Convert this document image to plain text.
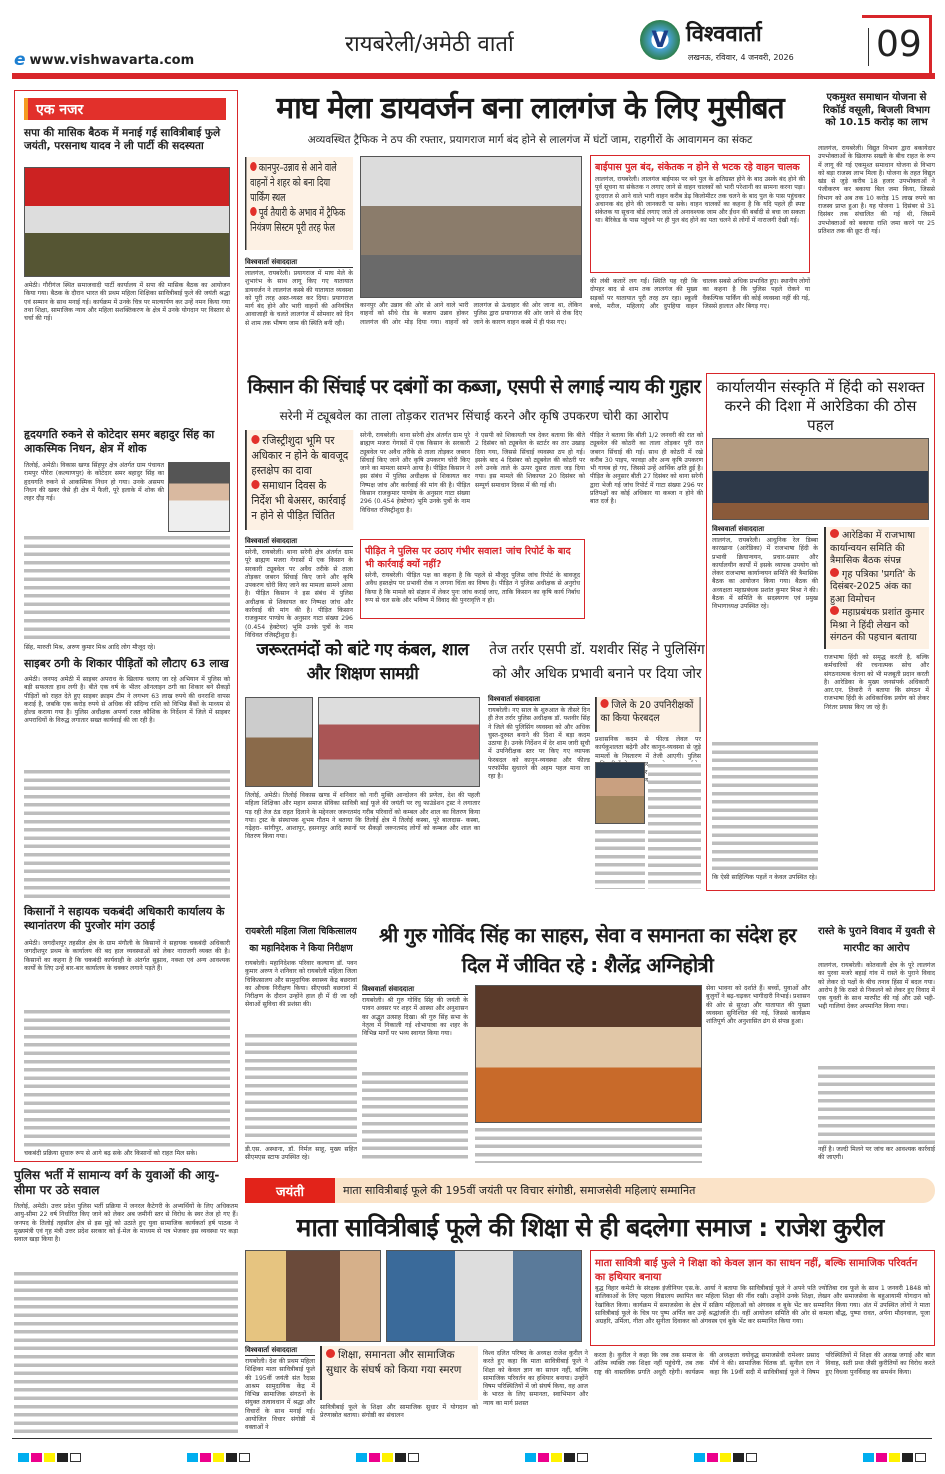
e www.vishwavarta.com
रायबरेली/अमेठी वार्ता	V विश्ववार्ता
लखनऊ, रविवार, 4 जनवरी, 2026 09
एक नजर
सपा की मासिक बैठक में मनाई गई सावित्रीबाई फुले जयंती, परसनाथ यादव ने ली पार्टी की सदस्यता
अमेठी। गौरीगंज स्थित समाजवादी पार्टी कार्यालय में सपा की मासिक बैठक का आयोजन किया गया। बैठक के दौरान भारत की प्रथम महिला शिक्षिका सावित्रीबाई फुले की जयंती श्रद्धा एवं सम्मान के साथ मनाई गई। कार्यक्रम में उनके चित्र पर माल्यार्पण कर उन्हें नमन किया गया तथा शिक्षा, सामाजिक न्याय और महिला सशक्तिकरण के क्षेत्र में उनके योगदान पर विस्तार से चर्चा की गई।
हृदयगति रुकने से कोटेदार समर बहादुर सिंह का आकस्मिक निधन, क्षेत्र में शोक
तिलोई, अमेठी। विकास खण्ड सिंहपुर क्षेत्र अंतर्गत ग्राम पंचायत रामपुर पौरेरा (कल्याणपुर) के कोटेदार समर बहादुर सिंह का हृदयगति रुकने से आकस्मिक निधन हो गया। उनके असमय निधन की खबर जैसे ही क्षेत्र में फैली, पूरे इलाके में शोक की लहर दौड़ गई।
सिंह, मारुती मिश्र, अरुण कुमार मिश्र आदि लोग मौजूद रहे।
साइबर ठगी के शिकार पीड़ितों को लौटाए 63 लाख
अमेठी। जनपद अमेठी में साइबर अपराध के खिलाफ चलाए जा रहे अभियान में पुलिस को बड़ी सफलता हाथ लगी है। बीते एक वर्ष के भीतर ऑनलाइन ठगी का शिकार बने सैकड़ों पीड़ितों को राहत देते हुए साइबर क्राइम टीम ने लगभग 63 लाख रुपये की धनराशि वापस कराई है, जबकि एक करोड़ रुपये से अधिक की संदिग्ध राशि को विभिन्न बैंकों के माध्यम से होल्ड कराया गया है। पुलिस अधीक्षक अपर्णा रजत कौशिक के निर्देशन में जिले में साइबर अपराधियों के विरुद्ध लगातार सख्त कार्यवाई की जा रही है।
किसानों ने सहायक चकबंदी अधिकारी कार्यालय के स्थानांतरण की पुरजोर मांग उठाई
अमेठी। जगदीशपुर तहसील क्षेत्र के ग्राम मंगौली के किसानों ने सहायक चकबंदी अधिकारी जगदीशपुर प्रथम के कार्यालय की बद हाल व्यवस्थाओं को लेकर नाराजगी व्यक्त की है। किसानों का कहना है कि चकबंदी कार्यवाही के अंतर्गत सुझाव, नक्शा एवं अन्य आवश्यक कार्यों के लिए उन्हें बार-बार कार्यालय के चक्कर लगाने पड़ते हैं।
चकबंदी प्रक्रिया सुचारु रूप से आगे बढ़ सके और किसानों को राहत मिल सके।
पुलिस भर्ती में सामान्य वर्ग के युवाओं की आयु-सीमा पर उठे सवाल
तिलोई, अमेठी। उत्तर प्रदेश पुलिस भर्ती प्रक्रिया में जनरल कैटेगरी के अभ्यर्थियों के लिए अधिकतम आयु-सीमा 22 वर्ष निर्धारित किए जाने को लेकर अब जमीनी स्तर से विरोध के स्वर तेज हो गए हैं। जनपद के तिलोई तहसील क्षेत्र से इस मुद्दे को उठाते हुए युवा सामाजिक कार्यकर्ता हर्ष पाठक ने मुख्यमंत्री एवं गृह मंत्री उत्तर प्रदेश सरकार को ई-मेल के माध्यम से पत्र भेजकर इस व्यवस्था पर कड़ा सवाल खड़ा किया है।
माघ मेला डायवर्जन बना लालगंज के लिए मुसीबत
अव्यवस्थित ट्रैफिक ने ठप की रफ्तार, प्रयागराज मार्ग बंद होने से लालगंज में घंटों जाम, राहगीरों के आवागमन का संकट
कानपुर–उन्नाव से आने वाले वाहनों ने शहर को बना दिया पार्किंग स्थल
पूर्व तैयारी के अभाव में ट्रैफिक नियंत्रण सिस्टम पूरी तरह फेल
विश्ववार्ता संवाददाता
लालगंज, रायबरेली। प्रयागराज में माघ मेले के शुभारंभ के साथ लागू किए गए यातायात डायवर्जन ने लालगंज कस्बे की यातायात व्यवस्था को पूरी तरह अस्त-व्यस्त कर दिया। प्रयागराज मार्ग बंद होने और भारी वाहनों की अनियंत्रित आवाजाही के चलते लालगंज में सोमवार को दिन से शाम तक भीषण जाम की स्थिति बनी रही।
कानपुर और उन्नाव की ओर से आने वाले भारी वाहनों को सीधे रोड के बजाय उन्नाव होकर लालगंज की ओर मोड़ दिया गया। वाहनों को लालगंज से ऊंचाहार की ओर जाना था, लेकिन पुलिस द्वारा प्रयागराज की ओर जाने से रोक दिए जाने के कारण वाहन कस्बे में ही फंस गए।
बाईपास पुल बंद, संकेतक न होने से भटक रहे वाहन चालक
लालगंज, रायबरेली। लालगंज बाईपास पर बने पुल के क्षतिग्रस्त होने के बाद उसके बंद होने की पूर्व सूचना या संकेतक न लगाए जाने से वाहन चालकों को भारी परेशानी का सामना करना पड़ा। दूरदराज से आने वाले भारी वाहन करीब डेढ़ किलोमीटर तक चलने के बाद पुल के पास पहुंचकर अचानक बंद होने की जानकारी पा सके। वाहन चालकों का कहना है कि यदि पहले ही स्पष्ट संकेतक या सूचना बोर्ड लगाए जाते तो अनावश्यक जाम और ईंधन की बर्बादी से बचा जा सकता था। बैरिकेड के पास पहुंचने पर ही पुल बंद होने का पता चलने से लोगों में नाराजगी देखी गई।
की लंबी कतारें लग गईं। स्थिति यह रही कि दोपहर बाद से शाम तक लालगंज की मुख्य सड़कों पर यातायात पूरी तरह ठप रहा। स्कूली बच्चे, मरीज, महिलाएं और दुपहिया वाहन चालक सबसे अधिक प्रभावित हुए। स्थानीय लोगों का कहना है कि पुलिस पहले रोकने या वैकल्पिक पार्किंग की कोई व्यवस्था नहीं की गई, जिससे हालात और बिगड़ गए।
एकमुश्त समाधान योजना से रिकॉर्ड वसूली, बिजली विभाग को 10.15 करोड़ का लाभ
लालगंज, रायबरेली। विद्युत विभाग द्वारा बकायेदार उपभोक्ताओं के खिलाफ सख्ती के बीच राहत के रूप में लागू की गई एकमुश्त समाधान योजना से विभाग को बड़ा राजस्व लाभ मिला है। योजना के तहत विद्युत खंड से जुड़े करीब 18 हजार उपभोक्ताओं ने पंजीकरण कर बकाया बिल जमा किया, जिससे विभाग को अब तक 10 करोड़ 15 लाख रुपये का राजस्व प्राप्त हुआ है। यह योजना 1 दिसंबर से 31 दिसंबर तक संचालित की गई थी, जिसमें उपभोक्ताओं को बकाया राशि जमा करने पर 25 प्रतिशत तक की छूट दी गई।
किसान की सिंचाई पर दबंगों का कब्जा, एसपी से लगाई न्याय की गुहार
सरेनी में ट्यूबवेल का ताला तोड़कर रातभर सिंचाई करने और कृषि उपकरण चोरी का आरोप
रजिस्ट्रीशुदा भूमि पर अधिकार न होने के बावजूद हस्तक्षेप का दावा
समाधान दिवस के निर्देश भी बेअसर, कार्रवाई न होने से पीड़ित चिंतित
विश्ववार्ता संवाददाता
सरेनी, रायबरेली। थाना सरेनी क्षेत्र अंतर्गत ग्राम पूरे ब्राह्मण मजरा गेगासों में एक किसान के सरकारी ट्यूबवेल पर अवैध तरीके से ताला तोड़कर जबरन सिंचाई किए जाने और कृषि उपकरण चोरी किए जाने का मामला सामने आया है। पीड़ित किसान ने इस संबंध में पुलिस अधीक्षक से शिकायत कर निष्पक्ष जांच और कार्रवाई की मांग की है। पीड़ित किसान राजकुमार पाण्डेय के अनुसार गाटा संख्या 296 (0.454 हेक्टेयर) भूमि उनके पुत्रों के नाम विधिवत रजिस्ट्रीशुदा है।
सरेनी, रायबरेली। थाना सरेनी क्षेत्र अंतर्गत ग्राम पूरे ब्राह्मण मजरा गेगासों में एक किसान के सरकारी ट्यूबवेल पर अवैध तरीके से ताला तोड़कर जबरन सिंचाई किए जाने और कृषि उपकरण चोरी किए जाने का मामला सामने आया है। पीड़ित किसान ने इस संबंध में पुलिस अधीक्षक से शिकायत कर निष्पक्ष जांच और कार्रवाई की मांग की है। पीड़ित किसान राजकुमार पाण्डेय के अनुसार गाटा संख्या 296 (0.454 हेक्टेयर) भूमि उनके पुत्रों के नाम विधिवत रजिस्ट्रीशुदा है।
ने एसपी को शिकायती पत्र देकर बताया कि बीते 2 दिसंबर को ट्यूबवेल के स्टार्टर का तार उखाड़ दिया गया, जिससे सिंचाई व्यवस्था ठप हो गई। इसके बाद 4 दिसंबर को ट्यूबवेल की कोठरी पर लगे उनके ताले के ऊपर दूसरा ताला जड़ दिया गया। इस मामले की शिकायत 20 दिसंबर को सम्पूर्ण समाधान दिवस में की गई थी।
पीड़ित ने बताया कि बीती 1/2 जनवरी की रात को ट्यूबवेल की कोठरी का ताला तोड़कर पूरी रात जबरन सिंचाई की गई। साथ ही कोठरी में रखे करीब 30 पाइप, फावड़ा और अन्य कृषि उपकरण भी गायब हो गए, जिससे उन्हें आर्थिक क्षति हुई है। पीड़ित के अनुसार बीती 27 दिसंबर को थाना सरेनी द्वारा भेजी गई जांच रिपोर्ट में गाटा संख्या 296 पर प्रतिपक्षों का कोई अधिकार या कब्जा न होने की बात दर्ज है।
पीड़ित ने पुलिस पर उठाए गंभीर सवाल! जांच रिपोर्ट के बाद भी कार्रवाई क्यों नहीं?
सरेनी, रायबरेली। पीड़ित पक्ष का कहना है कि पहले से मौजूद पुलिस जांच रिपोर्ट के बावजूद अवैध हस्तक्षेप पर प्रभावी रोक न लगना चिंता का विषय है। पीड़ित ने पुलिस अधीक्षक से अनुरोध किया है कि मामले को संज्ञान में लेकर पुनः जांच कराई जाए, ताकि किसान का कृषि कार्य निर्बाध रूप से चल सके और भविष्य में विवाद की पुनरावृत्ति न हो।
कार्यालयीन संस्कृति में हिंदी को सशक्त करने की दिशा में आरेडिका की ठोस पहल
विश्ववार्ता संवाददाता
लालगंज, रायबरेली। आधुनिक रेल डिब्बा कारखाना (आरेडिका) में राजभाषा हिंदी के प्रभावी क्रियान्वयन, प्रचार-प्रसार और कार्यालयीन कार्यों में इसके व्यापक उपयोग को लेकर राजभाषा कार्यान्वयन समिति की त्रैमासिक बैठक का आयोजन किया गया। बैठक की अध्यक्षता महाप्रबंधक प्रशांत कुमार मिश्रा ने की। बैठक में समिति के सदस्यगण एवं प्रमुख विभागाध्यक्ष उपस्थित रहे।
आरेडिका में राजभाषा कार्यान्वयन समिति की त्रैमासिक बैठक संपन्न
गृह पत्रिका 'प्रगति' के दिसंबर-2025 अंक का हुआ विमोचन
महाप्रबंधक प्रशांत कुमार मिश्रा ने हिंदी लेखन को संगठन की पहचान बताया
राजभाषा हिंदी को समृद्ध करती है, बल्कि कर्मचारियों की रचनात्मक सोच और संगठनात्मक चेतना को भी मजबूती प्रदान करती है। आरेडिका के मुख्य जनसंपर्क अधिकारी आर.एन. तिवारी ने बताया कि संगठन में राजभाषा हिंदी के अधिकाधिक प्रयोग को लेकर निरंतर प्रयास किए जा रहे हैं।
कि ऐसी साहित्यिक पहलें न केवल उपस्थित रहे।
जरूरतमंदों को बांटे गए कंबल, शाल और शिक्षण सामग्री
तिलोई, अमेठी। तिलोई विकास खण्ड में शनिवार को नारी मुक्ति आन्दोलन की प्रणेता, देश की पहली महिला शिक्षिका और महान समाज सेविका सावित्री बाई फूले की जयंती पर रघु फाउंडेशन ट्रस्ट ने लगातार पड़ रही तेज ठंड राहत दिलाने के मद्देनजर जरूरतमंद गरीब परिवारों को कम्बल और शाल का वितरण किया गया। ट्रस्ट के संस्थापक शुभम गौतम ने बताया कि तिलोई क्षेत्र में तिलोई कस्बा, पूरे बालदास- कस्बा, गढ़ेहरा- सांगीपुर, आशापुर, हसनापुर आदि स्थानों पर सैकड़ों जरूरतमंद लोगों को कम्बल और शाल का वितरण किया गया।
तेज तर्रार एसपी डॉ. यशवीर सिंह ने पुलिसिंग को और अधिक प्रभावी बनाने पर दिया जोर
विश्ववार्ता संवाददाता
रायबरेली। नए साल के शुरुआत के तीसरे दिन ही तेज तर्रार पुलिस अधीक्षक डॉ. यशवीर सिंह ने जिले की पुलिसिंग व्यवस्था को और अधिक चुस्त-दुरुस्त बनाने की दिशा में बड़ा कदम उठाया है। उनके निर्देशन में देर शाम जारी सूची में उपनिरीक्षक स्तर पर किए गए व्यापक फेरबदल को कानून-व्यवस्था और फील्ड परफॉर्मेंस सुधारने की अहम पहल माना जा रहा है।
जिले के 20 उपनिरीक्षकों का किया फेरबदल
प्रशासनिक कदम से फील्ड लेवल पर कार्यकुशलता बढ़ेगी और कानून-व्यवस्था से जुड़े मामलों के निस्तारण में तेजी आएगी। पुलिस
रायबरेली महिला जिला चिकित्सालय का महानिदेशक ने किया निरीक्षण
रायबरेली। महानिदेशक परिवार कल्याण डॉ. पवन कुमार अरुण ने शनिवार को रायबरेली महिला जिला चिकित्सालय और सामुदायिक स्वास्थ्य केंद्र बछरावां का औचक निरीक्षण किया। सीएचसी बछरावां में निरीक्षण के दौरान उन्होंने हाल ही में दी जा रही सेवाओं सुविधा की प्रशंसा की।
डी.एस. अस्थाना, डॉ. निर्मल साहू, मुख्य सहित सीएमएस स्टाफ उपस्थित रहे।
श्री गुरु गोविंद सिंह का साहस, सेवा व समानता का संदेश हर दिल में जीवित रहे : शैलेंद्र अग्निहोत्री
विश्ववार्ता संवाददाता
रायबरेली। श्री गुरु गोविंद सिंह की जयंती के पावन अवसर पर शहर में आस्था और अनुशासन का अद्भुत उत्साह दिखा। श्री गुरु सिंह सभा के नेतृत्व में निकाली गई शोभायात्रा का शहर के विभिन्न मार्गों पर भव्य स्वागत किया गया।
सेवा भावना को दर्शाते हैं। बच्चों, युवाओं और बुजुर्गों ने बढ़-चढ़कर भागीदारी निभाई। प्रशासन की ओर से सुरक्षा और यातायात की पुख्ता व्यवस्था सुनिश्चित की गई, जिससे कार्यक्रम शांतिपूर्ण और अनुशासित ढंग से संपन्न हुआ।
रास्ते के पुराने विवाद में युवती से मारपीट का आरोप
लालगंज, रायबरेली। कोतवाली क्षेत्र के पूरे लालगंज का पुरवा मजरे बहाई गांव में रास्ते के पुराने विवाद को लेकर दो पक्षों के बीच तनाव हिंसा में बदल गया। आरोप है कि रास्ते से निकलने को लेकर हुए विवाद में एक युवती के साथ मारपीट की गई और उसे भद्दी-भद्दी गालियां देकर अपमानित किया गया।
नहीं है। जल्दी मिलने पर जांच कर आवश्यक कार्रवाई की जाएगी।
जयंती	माता सावित्रीबाई फूले की 195वीं जयंती पर विचार संगोष्ठी, समाजसेवी महिलाएं सम्मानित
माता सावित्रीबाई फूले की शिक्षा से ही बदलेगा समाज : राजेश कुरील
माता सावित्री बाई फुले ने शिक्षा को केवल ज्ञान का साधन नहीं, बल्कि सामाजिक परिवर्तन का हथियार बनाया
बुद्ध विहार कमेटी के संरक्षक इंजीनियर एस.के. आर्या ने बताया कि सावित्रीबाई फूले ने अपने पति ज्योतिबा राव फूले के साथ 1 जनवरी 1848 को बालिकाओं के लिए पहला विद्यालय स्थापित कर महिला शिक्षा की नींव रखी। उन्होंने उनके शिक्षा, लेखन और समाजसेवा के बहुआयामी योगदान को रेखांकित किया। कार्यक्रम में समाजसेवा के क्षेत्र में सक्रिय महिलाओं को अंगवस्त्र व बुके भेंट कर सम्मानित किया गया। अंत में उपस्थित लोगों ने माता सावित्रीबाई फूले के चित्र पर पुष्प अर्पित कर उन्हें श्रद्धांजलि दी। वहीं आयोजन समिति की ओर से कमला बौद्ध, पुष्पा रावत, अर्पना मौदनवाल, पूजा अग्रहरि, उर्मिला, गीता और सुनीता दिवाकर को अंगवस्त्र एवं बुके भेंट कर सम्मानित किया गया।
विश्ववार्ता संवाददाता
रायबरेली। देश की प्रथम महिला शिक्षिका माता सावित्रीबाई फूले की 195वीं जयंती संत रैदास आश्रम सामुदायिक केंद्र में विभिन्न सामाजिक संगठनों के संयुक्त तत्वावधान में श्रद्धा और विचारों के साथ मनाई गई। आयोजित विचार संगोष्ठी में वक्ताओं ने
शिक्षा, समानता और सामाजिक सुधार के संघर्ष को किया गया स्मरण
सावित्रीबाई फूले के शिक्षा और सामाजिक सुधार में योगदान को प्रेरणास्रोत बताया। संगोष्ठी का संचालन
विश्व दलित परिषद के अध्यक्ष राजेश कुरील ने करते हुए कहा कि माता सावित्रीबाई फूले ने शिक्षा को केवल ज्ञान का साधन नहीं, बल्कि सामाजिक परिवर्तन का हथियार बनाया। उन्होंने विषम परिस्थितियों में जो संघर्ष किया, वह आज के भारत के लिए समानता, स्वाभिमान और न्याय का मार्ग प्रशस्त
करता है। कुरील ने कहा कि जब तक समाज के अंतिम व्यक्ति तक शिक्षा नहीं पहुंचेगी, तब तक राष्ट्र की वास्तविक प्रगति अधूरी रहेगी। कार्यक्रम की अध्यक्षता वयोवृद्ध समाजसेवी रामेश्वर प्रसाद मौर्य ने की। सामाजिक चिंतक डॉ. सुनील दत्त ने कहा कि 19वीं सदी में सावित्रीबाई फूले ने विषम परिस्थितियों में शिक्षा की अलख जगाई और बाल विवाह, सती प्रथा जैसी कुरीतियों का विरोध करते हुए विधवा पुनर्विवाह का समर्थन किया।
